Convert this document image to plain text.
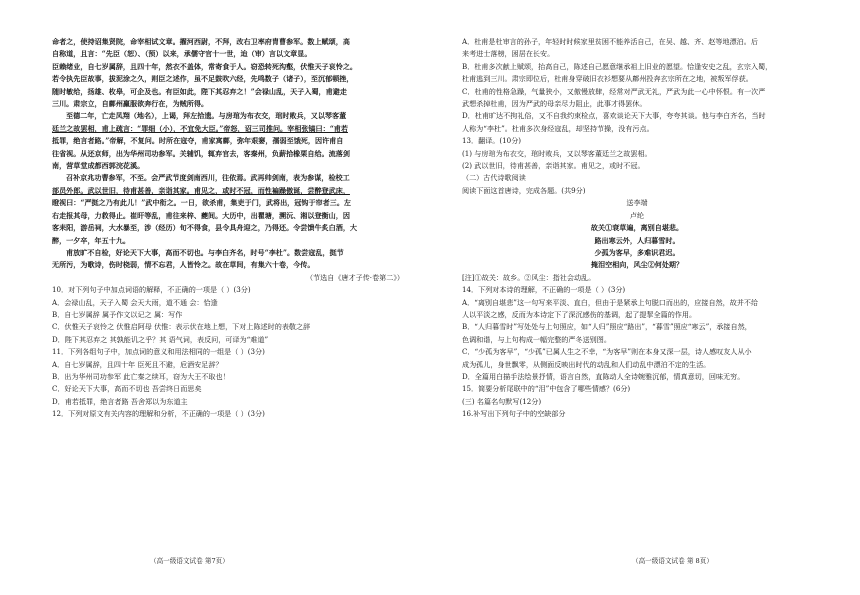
命者之，使持诏集贤院，命宰相试文章。擢河西尉，不拜，改右卫率府胄曹参军。数上赋颂，高
自称道，且言：“先臣（恕）、（预）以来，承儒守官十一世，迨（审）言以文章显。
臣赖绪业，自七岁属辞，且四十年，然衣不盖体，常寄食于人。窃恐转死沟壑，伏惟天子哀怜之。
若令执先臣故事，拔泥涂之久，则臣之述作，虽不足鼓吹六经，先鸣数子（诸子），至沉郁顿挫，
随时敏给，扬雄、枚皋，可企及也。有臣如此，陛下其忍弃之！”会禄山乱，天子入蜀，甫避走
三川。肃宗立，自鄜州羸服欲奔行在，为贼所得。
至德二年，亡走凤翔（地名），上谒，拜左拾遗。与房琯为布衣交，琯时败兵，又以琴客董
廷兰之故罢相，甫上疏言：“罪细（小），不宜免大臣。”帝怒，诏三司推问。宰相张镐曰：“甫若
抵罪，绝言者路。”帝解，不复问。时所在寇夺，甫家寓鄜，弥年艰窭，孺弱至饿死，因许甫自
往省视。从还京师，出为华州司功参军。关辅饥，辄弃官去，客秦州，负薪拾橡栗自给。流落剑
南，营草堂成都西郭浣花溪。
召补京兆功曹参军，不至。会严武节度剑南西川，往依焉。武再帅剑南，表为参谋，检校工
部员外郎。武以世旧，待甫甚善，亲诣其家。甫见之，或时不冠，而性褊躁傲诞，尝醉登武床，
瞪视曰：“严挺之乃有此儿！”武中衔之。一日，欲杀甫，集吏于门，武将出，冠钩于帘者三。左
右走报其母，力救得止。崔旰等乱，甫往来梓、夔间。大历中，出瞿塘，溯沅、湘以登衡山，因
客耒阳，游岳祠，大水暴至，涉（经历）旬不得食，县令具舟迎之，乃得还。令尝馈牛炙白酒，大
醉，一夕卒，年五十九。
甫放旷不自检，好论天下大事，高而不切也。与李白齐名，时号“李杜”。数尝寇乱，挺节
无所污，为歌诗，伤时桡弱，情不忘君，人皆怜之。故在草间，有集六十卷，今传。
（节选自《唐才子传·卷第二》）
10．对下列句子中加点词语的解释，不正确的一项是（ ）(3分)
A．会禄山乱，天子入蜀 会天大雨，道不通 会：恰逢
B．自七岁属辞 属予作文以记之 属：写作
C．伏惟天子哀怜之 伏惟启阿母 伏惟：表示伏在地上想，下对上陈述时的表敬之辞
D．陛下其忍弃之 其孰能讥之乎？其 语气词，表反问，可译为“难道”
11．下列各组句子中，加点词的意义和用法相同的一组是（ ）(3分)
A．自七岁属辞，且四十年 臣死且不避，卮酒安足辞？
B．出为华州司功参军 此亡秦之续耳，窃为大王不取也！
C．好论天下大事，高而不切也 吾尝终日而思矣
D．甫若抵罪，绝言者路 吾舍郑以为东道主
12．下列对原文有关内容的理解和分析，不正确的一项是（ ）(3分)
A．杜甫是杜审言的孙子，年轻时时候家里贫困不能养活自己，在吴、越、齐、赵等地漂泊。后
来考进士落榜，困居在长安。
B．杜甫多次献上赋颂，抬高自己，陈述自己愿意继承祖上旧业的愿望。恰逢安史之乱，玄宗入蜀，
杜甫逃到三川。肃宗即位后，杜甫身穿破旧衣衫想要从鄜州投奔玄宗所在之地，被叛军俘获。
C．杜甫的性格急躁，气量狭小，又傲慢放肆，经常对严武无礼，严武为此一心中怀恨。有一次严
武想杀掉杜甫，因为严武的母亲尽力阻止，此事才得罢休。
D．杜甫旷达不拘礼俗，又不自我约束检点，喜欢谈论天下大事，夸夸其谈。他与李白齐名，当时
人称为“李杜”。杜甫多次身经寇乱，却坚持节操，没有污点。
13．翻译。(10分)
(1) 与房琯为布衣交，琯时败兵，又以琴客董廷兰之故罢相。
(2) 武以世旧，待甫甚善，亲诣其家。甫见之，或时不冠。
（二）古代诗歌阅读
阅读下面这首唐诗，完成各题。(共9分)
送李端
卢纶
故关①衰草遍，离别自堪悲。
路出寒云外，人归暮雪时。
少孤为客早，多难识君迟。
掩泪空相向，风尘②何处期？
[注]①故关：故乡。②风尘：指社会动乱。
14．下列对本诗的理解，不正确的一项是（ ）(3分)
A．“离别自堪悲”这一句写来平淡、直白，但由于是紧承上句脱口而出的，应接自然，故并不给
人以平淡之感，反而为本诗定下了深沉感伤的基调，起了提挈全篇的作用。
B．“人归暮雪时”写处处与上句照应，如“人归”照应“路出”，“暮雪”照应“寒云”，承接自然，
色调和谐，与上句构成一幅完整的严冬送别图。
C．“少孤为客早”，“少孤”已属人生之不幸，“为客早”则在本身又深一层，诗人感叹友人从小
成为孤儿，身世飘零，从侧面反映出时代的动乱和人们动乱中漂泊不定的生活。
D．全篇用白描手法绘景抒情，语言自然，直陈动人全诗婉雅沉郁，情真意切，回味无穷。
15．简要分析尾联中的“泪”中包含了哪些情感？(6分)
(三) 名篇名句默写(12分)
16.补写出下列句子中的空缺部分
（高一级语文试卷 第7页）	（高一级语文试卷 第 8页）
